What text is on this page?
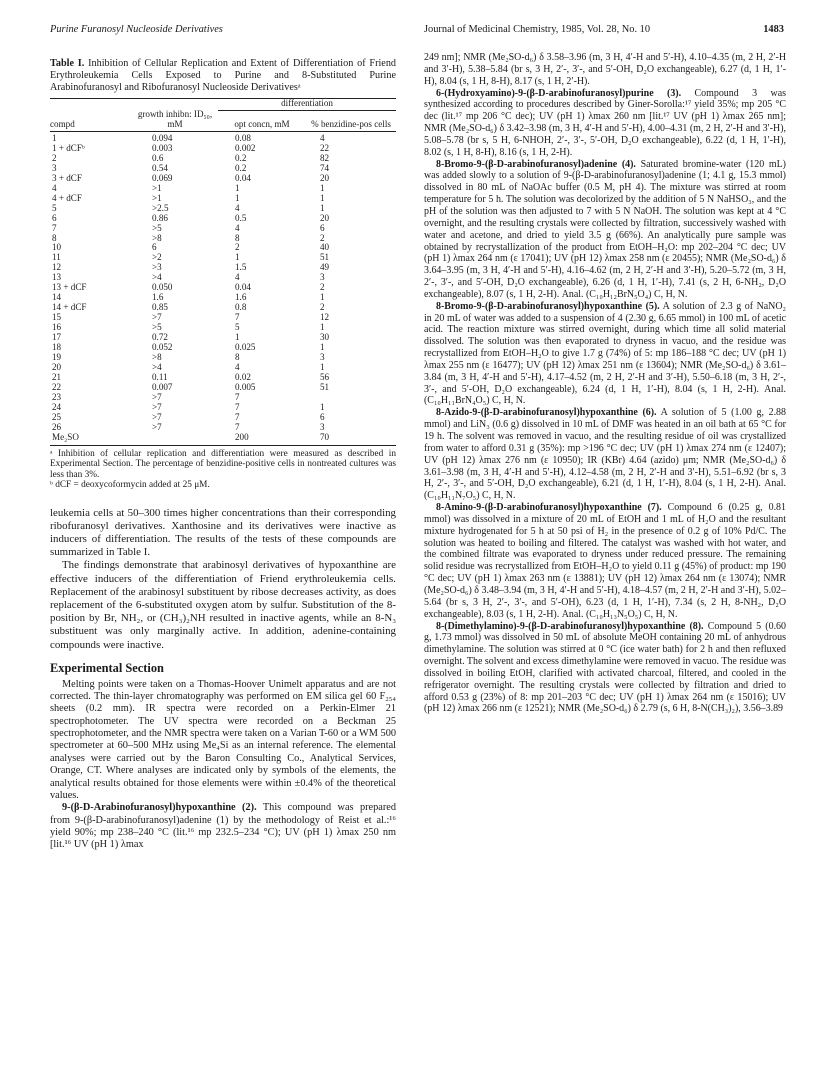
Purine Furanosyl Nucleoside Derivatives	Journal of Medicinal Chemistry, 1985, Vol. 28, No. 10	1483

Table I. Inhibition of Cellular Replication and Extent of Differentiation of Friend Erythroleukemia Cells Exposed to Purine and 8-Substituted Purine Arabinofuranosyl and Ribofuranosyl Nucleoside Derivativesᵃ

		differentiation	
compd	growth inhibn: ID₅₀, mM	opt concn, mM	% benzidine-pos cells
1	0.094	0.08	4
1 + dCFᵇ	0.003	0.002	22
2	0.6	0.2	82
3	0.54	0.2	74
3 + dCF	0.069	0.04	20
4	>1	1	1
4 + dCF	>1	1	1
5	>2.5	4	1
6	0.86	0.5	20
7	>5	4	6
8	>8	8	2
10	6	2	40
11	>2	1	51
12	>3	1.5	49
13	>4	4	3
13 + dCF	0.050	0.04	2
14	1.6	1.6	1
14 + dCF	0.85	0.8	2
15	>7	7	12
16	>5	5	1
17	0.72	1	30
18	0.052	0.025	1
19	>8	8	3
20	>4	4	1
21	0.11	0.02	56
22	0.007	0.005	51
23	>7	7	
24	>7	7	1
25	>7	7	6
26	>7	7	3
Me₂SO		200	70

ᵃ Inhibition of cellular replication and differentiation were measured as described in Experimental Section. The percentage of benzidine-positive cells in nontreated cultures was less than 3%.

ᵇ dCF = deoxycoformycin added at 25 μM.

leukemia cells at 50–300 times higher concentrations than their corresponding ribofuranosyl derivatives. Xanthosine and its derivatives were inactive as inducers of differentiation. The results of the tests of these compounds are summarized in Table I.

The findings demonstrate that arabinosyl derivatives of hypoxanthine are effective inducers of the differentiation of Friend erythroleukemia cells. Replacement of the arabinosyl substituent by ribose decreases activity, as does replacement of the 6-substituted oxygen atom by sulfur. Substitution of the 8-position by Br, NH₂, or (CH₃)₂NH resulted in inactive agents, while an 8-N₃ substituent was only marginally active. In addition, adenine-containing compounds were inactive.

Experimental Section

Melting points were taken on a Thomas-Hoover Unimelt apparatus and are not corrected. The thin-layer chromatography was performed on EM silica gel 60 F₂₅₄ sheets (0.2 mm). IR spectra were recorded on a Perkin-Elmer 21 spectrophotometer. The UV spectra were recorded on a Beckman 25 spectrophotometer, and the NMR spectra were taken on a Varian T-60 or a WM 500 spectrometer at 60–500 MHz using Me₄Si as an internal reference. The elemental analyses were carried out by the Baron Consulting Co., Analytical Services, Orange, CT. Where analyses are indicated only by symbols of the elements, the analytical results obtained for those elements were within ±0.4% of the theoretical values.

9-(β-D-Arabinofuranosyl)hypoxanthine (2). This compound was prepared from 9-(β-D-arabinofuranosyl)adenine (1) by the methodology of Reist et al.:¹⁶ yield 90%; mp 238–240 °C (lit.¹⁶ mp 232.5–234 °C); UV (pH 1) λmax 250 nm [lit.¹⁶ UV (pH 1) λmax

249 nm]; NMR (Me₂SO-d₆) δ 3.58–3.96 (m, 3 H, 4′-H and 5′-H), 4.10–4.35 (m, 2 H, 2′-H and 3′-H), 5.38–5.84 (br s, 3 H, 2′-, 3′-, and 5′-OH, D₂O exchangeable), 6.27 (d, 1 H, 1′-H), 8.04 (s, 1 H, 8-H), 8.17 (s, 1 H, 2′-H).

6-(Hydroxyamino)-9-(β-D-arabinofuranosyl)purine (3). Compound 3 was synthesized according to procedures described by Giner-Sorolla:¹⁷ yield 35%; mp 205 °C dec (lit.¹⁷ mp 206 °C dec); UV (pH 1) λmax 260 nm [lit.¹⁷ UV (pH 1) λmax 265 nm]; NMR (Me₂SO-d₆) δ 3.42–3.98 (m, 3 H, 4′-H and 5′-H), 4.00–4.31 (m, 2 H, 2′-H and 3′-H), 5.08–5.78 (br s, 5 H, 6-NHOH, 2′-, 3′-, 5′-OH, D₂O exchangeable), 6.22 (d, 1 H, 1′-H), 8.02 (s, 1 H, 8-H), 8.16 (s, 1 H, 2-H).

8-Bromo-9-(β-D-arabinofuranosyl)adenine (4). Saturated bromine-water (120 mL) was added slowly to a solution of 9-(β-D-arabinofuranosyl)adenine (1; 4.1 g, 15.3 mmol) dissolved in 80 mL of NaOAc buffer (0.5 M, pH 4). The mixture was stirred at room temperature for 5 h. The solution was decolorized by the addition of 5 N NaHSO₃, and the pH of the solution was then adjusted to 7 with 5 N NaOH. The solution was kept at 4 °C overnight, and the resulting crystals were collected by filtration, successively washed with water and acetone, and dried to yield 3.5 g (66%). An analytically pure sample was obtained by recrystallization of the product from EtOH–H₂O: mp 202–204 °C dec; UV (pH 1) λmax 264 nm (ε 17041); UV (pH 12) λmax 258 nm (ε 20455); NMR (Me₂SO-d₆) δ 3.64–3.95 (m, 3 H, 4′-H and 5′-H), 4.16–4.62 (m, 2 H, 2′-H and 3′-H), 5.20–5.72 (m, 3 H, 2′-, 3′-, and 5′-OH, D₂O exchangeable), 6.26 (d, 1 H, 1′-H), 7.41 (s, 2 H, 6-NH₂, D₂O exchangeable), 8.07 (s, 1 H, 2-H). Anal. (C₁₀H₁₂BrN₅O₄) C, H, N.

8-Bromo-9-(β-D-arabinofuranosyl)hypoxanthine (5). A solution of 2.3 g of NaNO₂ in 20 mL of water was added to a suspension of 4 (2.30 g, 6.65 mmol) in 100 mL of acetic acid. The reaction mixture was stirred overnight, during which time all solid material dissolved. The solution was then evaporated to dryness in vacuo, and the residue was recrystallized from EtOH–H₂O to give 1.7 g (74%) of 5: mp 186–188 °C dec; UV (pH 1) λmax 255 nm (ε 16477); UV (pH 12) λmax 251 nm (ε 13604); NMR (Me₂SO-d₆) δ 3.61–3.84 (m, 3 H, 4′-H and 5′-H), 4.17–4.52 (m, 2 H, 2′-H and 3′-H), 5.50–6.18 (m, 3 H, 2′-, 3′-, and 5′-OH, D₂O exchangeable), 6.24 (d, 1 H, 1′-H), 8.04 (s, 1 H, 2-H). Anal. (C₁₀H₁₁BrN₄O₅) C, H, N.

8-Azido-9-(β-D-arabinofuranosyl)hypoxanthine (6). A solution of 5 (1.00 g, 2.88 mmol) and LiN₃ (0.6 g) dissolved in 10 mL of DMF was heated in an oil bath at 65 °C for 19 h. The solvent was removed in vacuo, and the resulting residue of oil was crystallized from water to afford 0.31 g (35%): mp >196 °C dec; UV (pH 1) λmax 274 nm (ε 12407); UV (pH 12) λmax 276 nm (ε 10950); IR (KBr) 4.64 (azido) μm; NMR (Me₂SO-d₆) δ 3.61–3.98 (m, 3 H, 4′-H and 5′-H), 4.12–4.58 (m, 2 H, 2′-H and 3′-H), 5.51–6.92 (br s, 3 H, 2′-, 3′-, and 5′-OH, D₂O exchangeable), 6.21 (d, 1 H, 1′-H), 8.04 (s, 1 H, 2-H). Anal. (C₁₀H₁₁N₇O₅) C, H, N.

8-Amino-9-(β-D-arabinofuranosyl)hypoxanthine (7). Compound 6 (0.25 g, 0.81 mmol) was dissolved in a mixture of 20 mL of EtOH and 1 mL of H₂O and the resultant mixture hydrogenated for 5 h at 50 psi of H₂ in the presence of 0.2 g of 10% Pd/C. The solution was heated to boiling and filtered. The catalyst was washed with hot water, and the combined filtrate was evaporated to dryness under reduced pressure. The remaining solid residue was recrystallized from EtOH–H₂O to yield 0.11 g (45%) of product: mp 190 °C dec; UV (pH 1) λmax 263 nm (ε 13881); UV (pH 12) λmax 264 nm (ε 13074); NMR (Me₂SO-d₆) δ 3.48–3.94 (m, 3 H, 4′-H and 5′-H), 4.18–4.57 (m, 2 H, 2′-H and 3′-H), 5.02–5.64 (br s, 3 H, 2′-, 3′-, and 5′-OH), 6.23 (d, 1 H, 1′-H), 7.34 (s, 2 H, 8-NH₂, D₂O exchangeable), 8.03 (s, 1 H, 2-H). Anal. (C₁₀H₁₃N₅O₅) C, H, N.

8-(Dimethylamino)-9-(β-D-arabinofuranosyl)hypoxanthine (8). Compound 5 (0.60 g, 1.73 mmol) was dissolved in 50 mL of absolute MeOH containing 20 mL of anhydrous dimethylamine. The solution was stirred at 0 °C (ice water bath) for 2 h and then refluxed overnight. The solvent and excess dimethylamine were removed in vacuo. The residue was dissolved in boiling EtOH, clarified with activated charcoal, filtered, and cooled in the refrigerator overnight. The resulting crystals were collected by filtration and dried to afford 0.53 g (23%) of 8: mp 201–203 °C dec; UV (pH 1) λmax 264 nm (ε 15016); UV (pH 12) λmax 266 nm (ε 12521); NMR (Me₂SO-d₆) δ 2.79 (s, 6 H, 8-N(CH₃)₂), 3.56–3.89
